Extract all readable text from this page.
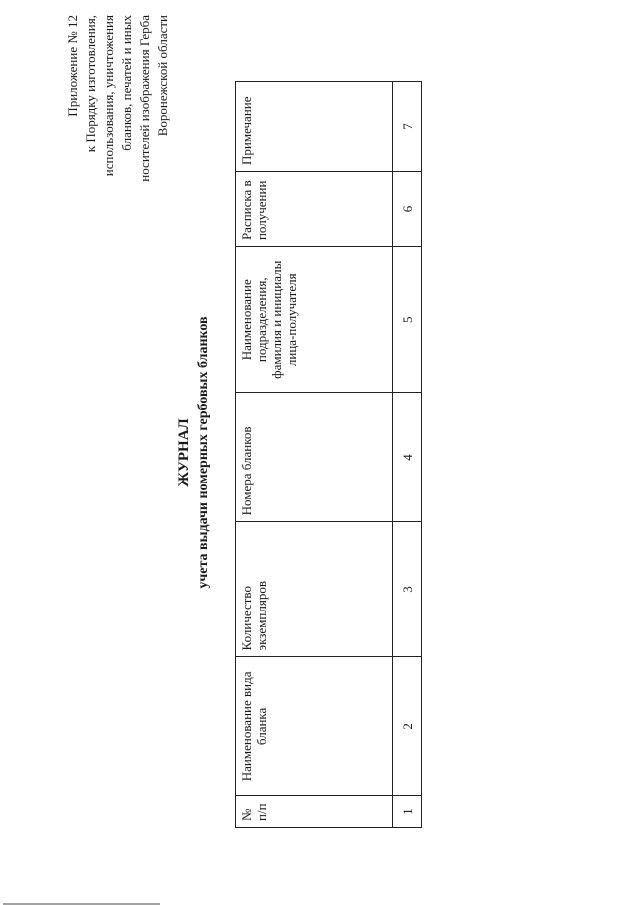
Приложение № 12 к Порядку изготовления, использования, уничтожения бланков, печатей и иных носителей изображения Герба Воронежской области
ЖУРНАЛ учета выдачи номерных гербовых бланков
№ п/п	Наименование вида бланка	Количество экземпляров	Номера бланков	Наименование подразделения, фамилия и инициалы лица-получателя	Расписка в получении	Примечание
1	2	3	4	5	6	7
